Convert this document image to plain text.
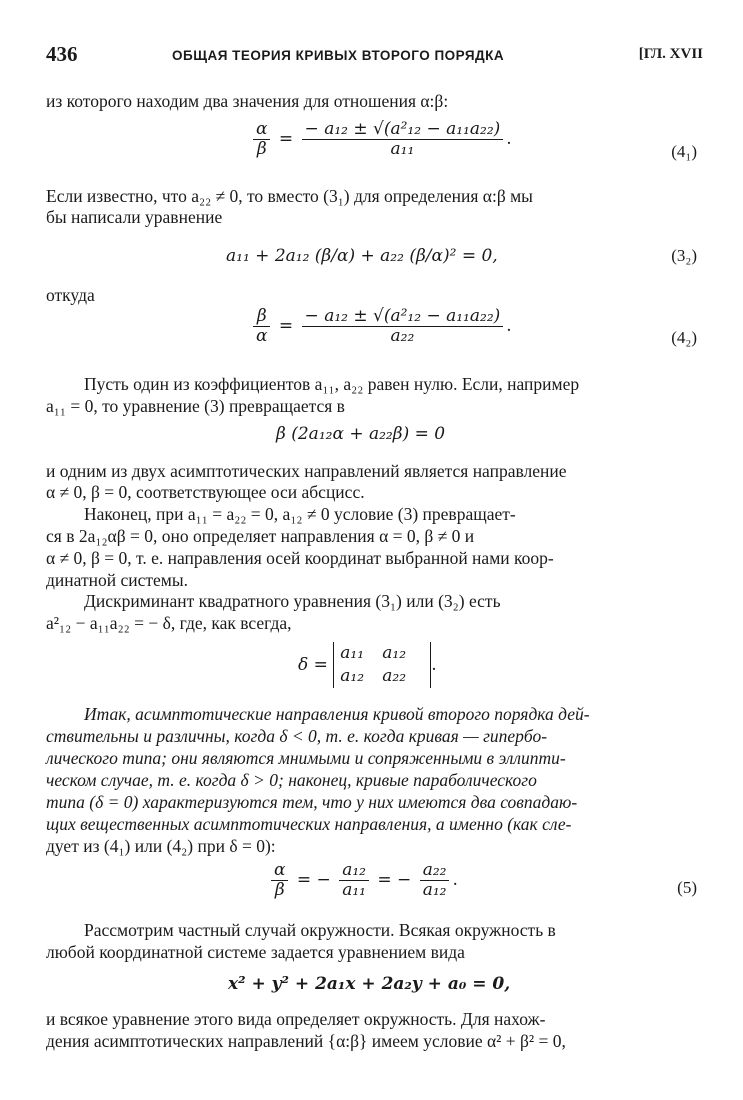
436	ОБЩАЯ ТЕОРИЯ КРИВЫХ ВТОРОГО ПОРЯДКА	[ГЛ. XVII
из которого находим два значения для отношения α:β:
$\frac{\alpha}{\beta} = \frac{\text{− a₁₂ ± √(a²₁₂ − a₁₁a₂₂)}}{\text{a₁₁}}$ .
(4₁)
Если известно, что a₂₂ ≠ 0, то вместо (3₁) для определения α:β мы
бы написали уравнение
a₁₁ + 2a₁₂ (β/α) + a₂₂ (β/α)² = 0,	(3₂)
откуда
$\frac{\beta}{\alpha} = \frac{\text{− a₁₂ ± √(a²₁₂ − a₁₁a₂₂)}}{\text{a₂₂}}$ .
(4₂)
Пусть один из коэффициентов a₁₁, a₂₂ равен нулю. Если, например
a₁₁ = 0, то уравнение (3) превращается в
β (2a₁₂α + a₂₂β) = 0
и одним из двух асимптотических направлений является направление
α ≠ 0, β = 0, соответствующее оси абсцисс.
Наконец, при a₁₁ = a₂₂ = 0, a₁₂ ≠ 0 условие (3) превращает-
ся в 2a₁₂αβ = 0, оно определяет направления α = 0, β ≠ 0 и
α ≠ 0, β = 0, т. е. направления осей координат выбранной нами коор-
динатной системы.
Дискриминант квадратного уравнения (3₁) или (3₂) есть
a²₁₂ − a₁₁a₂₂ = − δ, где, как всегда,
δ = a₁₁ a₁₂
a₁₂ a₂₂.
Итак, асимптотические направления кривой второго порядка дей-
ствительны и различны, когда δ < 0, т. е. когда кривая — гипербо-
лического типа; они являются мнимыми и сопряженными в эллипти-
ческом случае, т. е. когда δ > 0; наконец, кривые параболического
типа (δ = 0) характеризуются тем, что у них имеются два совпадаю-
щих вещественных асимптотических направления, а именно (как сле-
дует из (4₁) или (4₂) при δ = 0):
$\frac{\alpha}{\beta}$ = − $\frac{\text{a₁₂}}{\text{a₁₁}}$ = − $\frac{\text{a₂₂}}{\text{a₁₂}}$ .	(5)
Рассмотрим частный случай окружности. Всякая окружность в
любой координатной системе задается уравнением вида
x² + y² + 2a₁x + 2a₂y + a₀ = 0,
и всякое уравнение этого вида определяет окружность. Для нахож-
дения асимптотических направлений {α:β} имеем условие α² + β² = 0,
